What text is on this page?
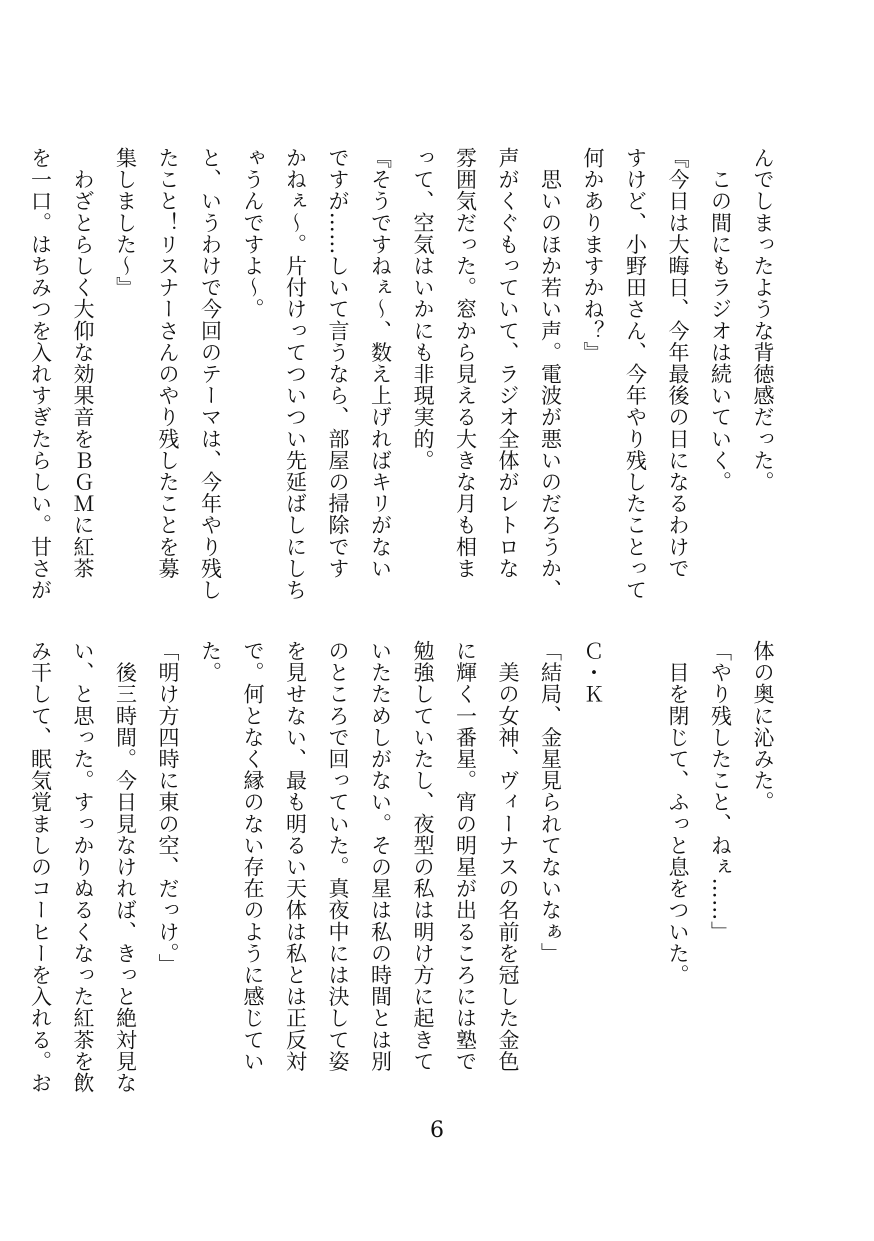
んでしまったような背徳感だった。
　この間にもラジオは続いていく。
『今日は大晦日、今年最後の日になるわけで
すけど、小野田さん、今年やり残したことって
何かありますかね？』
　思いのほか若い声。電波が悪いのだろうか、
声がくぐもっていて、ラジオ全体がレトロな
雰囲気だった。窓から見える大きな月も相ま
って、空気はいかにも非現実的。
『そうですねぇ～、数え上げればキリがない
ですが……しいて言うなら、部屋の掃除です
かねぇ～。片付けってついつい先延ばしにしち
ゃうんですよ～。
と、いうわけで今回のテーマは、今年やり残し
たこと！リスナーさんのやり残したことを募
集しました～』
　わざとらしく大仰な効果音をＢＧＭに紅茶
を一口。はちみつを入れすぎたらしい。甘さが
体の奥に沁みた。
「やり残したこと、ねぇ……」
　目を閉じて、ふっと息をついた。

Ｃ・Ｋ
「結局、金星見られてないなぁ」
　美の女神、ヴィーナスの名前を冠した金色
に輝く一番星。宵の明星が出るころには塾で
勉強していたし、夜型の私は明け方に起きて
いたためしがない。その星は私の時間とは別
のところで回っていた。真夜中には決して姿
を見せない、最も明るい天体は私とは正反対
で。何となく縁のない存在のように感じてい
た。
「明け方四時に東の空、だっけ。」
　後三時間。今日見なければ、きっと絶対見な
い、と思った。すっかりぬるくなった紅茶を飲
み干して、眠気覚ましのコーヒーを入れる。お
6
